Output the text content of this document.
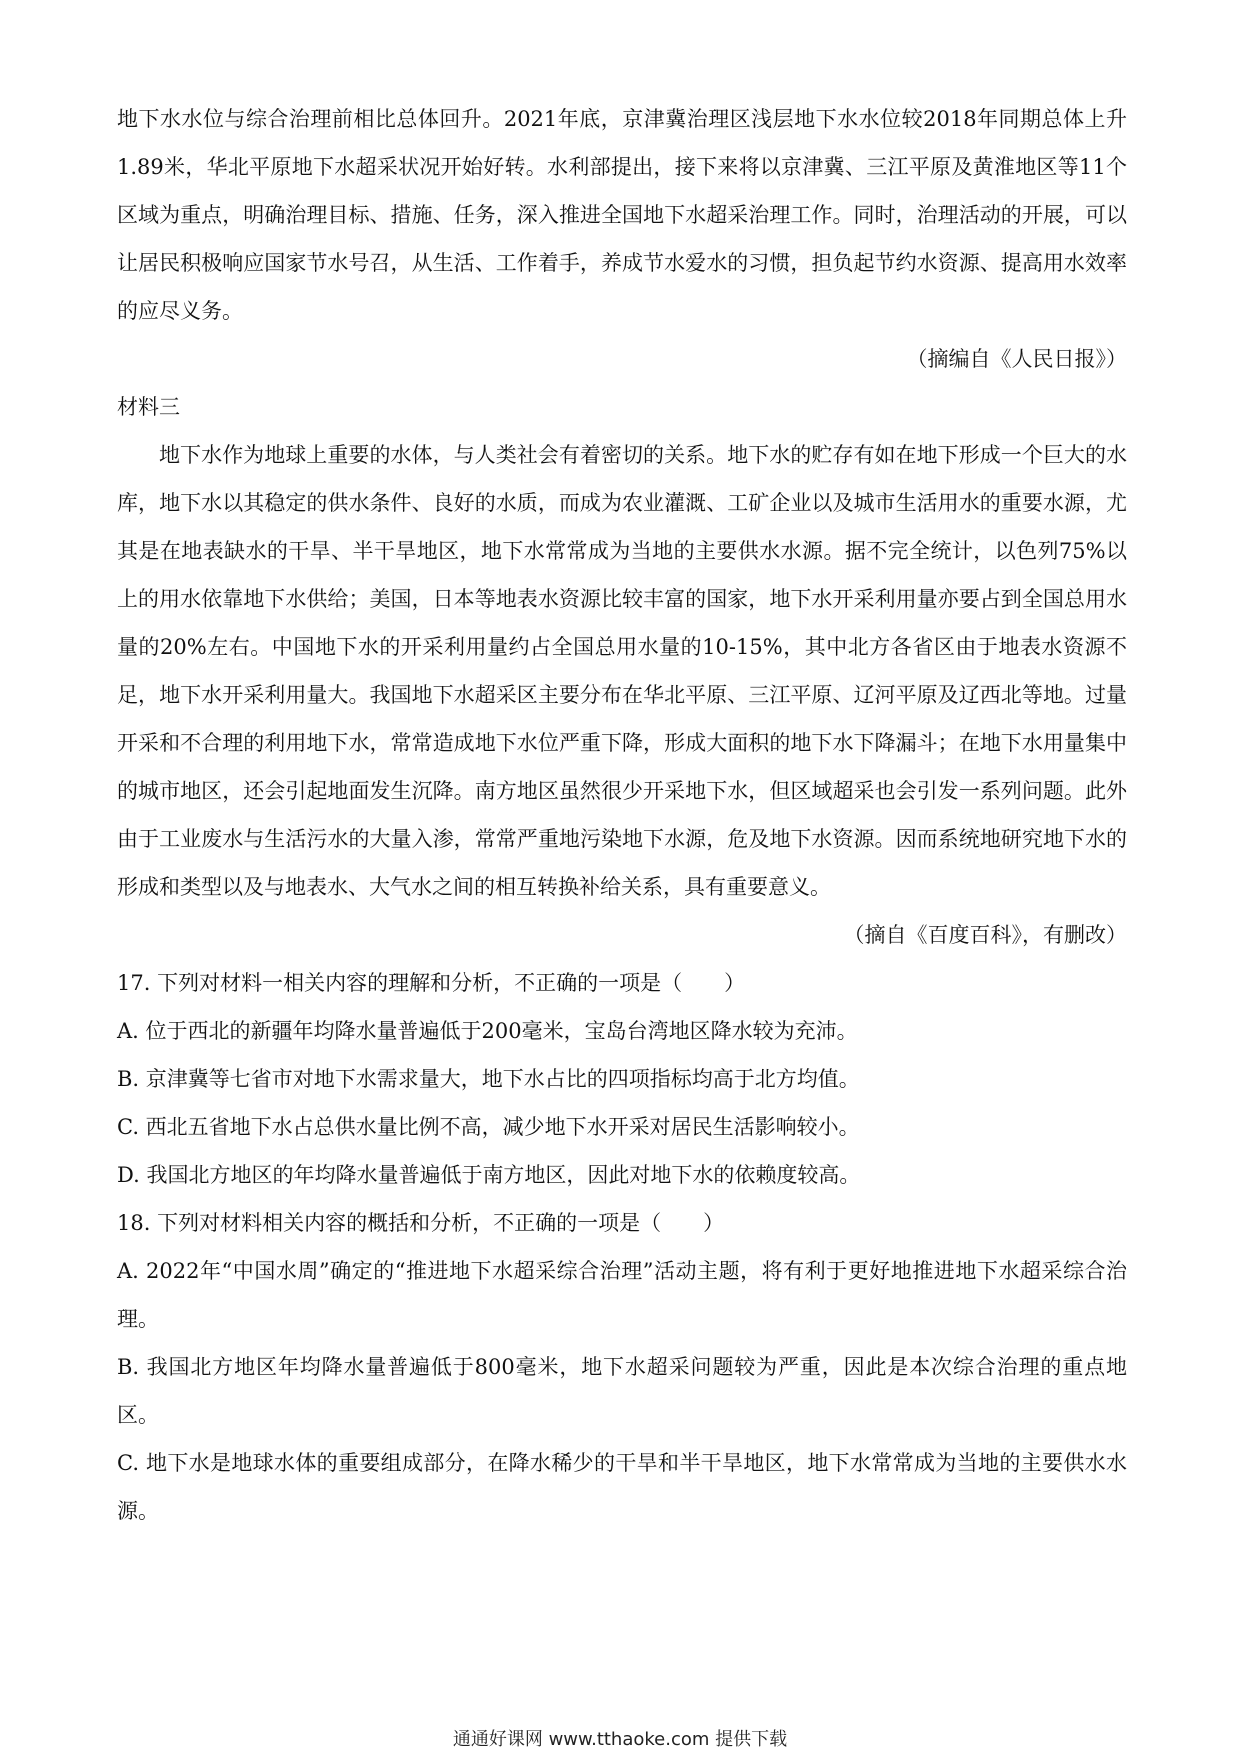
地下水水位与综合治理前相比总体回升。2021年底，京津冀治理区浅层地下水水位较2018年同期总体上升1.89米，华北平原地下水超采状况开始好转。水利部提出，接下来将以京津冀、三江平原及黄淮地区等11个区域为重点，明确治理目标、措施、任务，深入推进全国地下水超采治理工作。同时，治理活动的开展，可以让居民积极响应国家节水号召，从生活、工作着手，养成节水爱水的习惯，担负起节约水资源、提高用水效率的应尽义务。

（摘编自《人民日报》）

材料三

地下水作为地球上重要的水体，与人类社会有着密切的关系。地下水的贮存有如在地下形成一个巨大的水库，地下水以其稳定的供水条件、良好的水质，而成为农业灌溉、工矿企业以及城市生活用水的重要水源，尤其是在地表缺水的干旱、半干旱地区，地下水常常成为当地的主要供水水源。据不完全统计，以色列75%以上的用水依靠地下水供给；美国，日本等地表水资源比较丰富的国家，地下水开采利用量亦要占到全国总用水量的20%左右。中国地下水的开采利用量约占全国总用水量的10-15%，其中北方各省区由于地表水资源不足，地下水开采利用量大。我国地下水超采区主要分布在华北平原、三江平原、辽河平原及辽西北等地。过量开采和不合理的利用地下水，常常造成地下水位严重下降，形成大面积的地下水下降漏斗；在地下水用量集中的城市地区，还会引起地面发生沉降。南方地区虽然很少开采地下水，但区域超采也会引发一系列问题。此外由于工业废水与生活污水的大量入渗，常常严重地污染地下水源，危及地下水资源。因而系统地研究地下水的形成和类型以及与地表水、大气水之间的相互转换补给关系，具有重要意义。

（摘自《百度百科》，有删改）

17. 下列对材料一相关内容的理解和分析，不正确的一项是（　　）

A. 位于西北的新疆年均降水量普遍低于200毫米，宝岛台湾地区降水较为充沛。

B. 京津冀等七省市对地下水需求量大，地下水占比的四项指标均高于北方均值。

C. 西北五省地下水占总供水量比例不高，减少地下水开采对居民生活影响较小。

D. 我国北方地区的年均降水量普遍低于南方地区，因此对地下水的依赖度较高。

18. 下列对材料相关内容的概括和分析，不正确的一项是（　　）

A. 2022年“中国水周”确定的“推进地下水超采综合治理”活动主题，将有利于更好地推进地下水超采综合治理。

B. 我国北方地区年均降水量普遍低于800毫米，地下水超采问题较为严重，因此是本次综合治理的重点地区。

C. 地下水是地球水体的重要组成部分，在降水稀少的干旱和半干旱地区，地下水常常成为当地的主要供水水源。

通通好课网 www.tthaoke.com 提供下载
